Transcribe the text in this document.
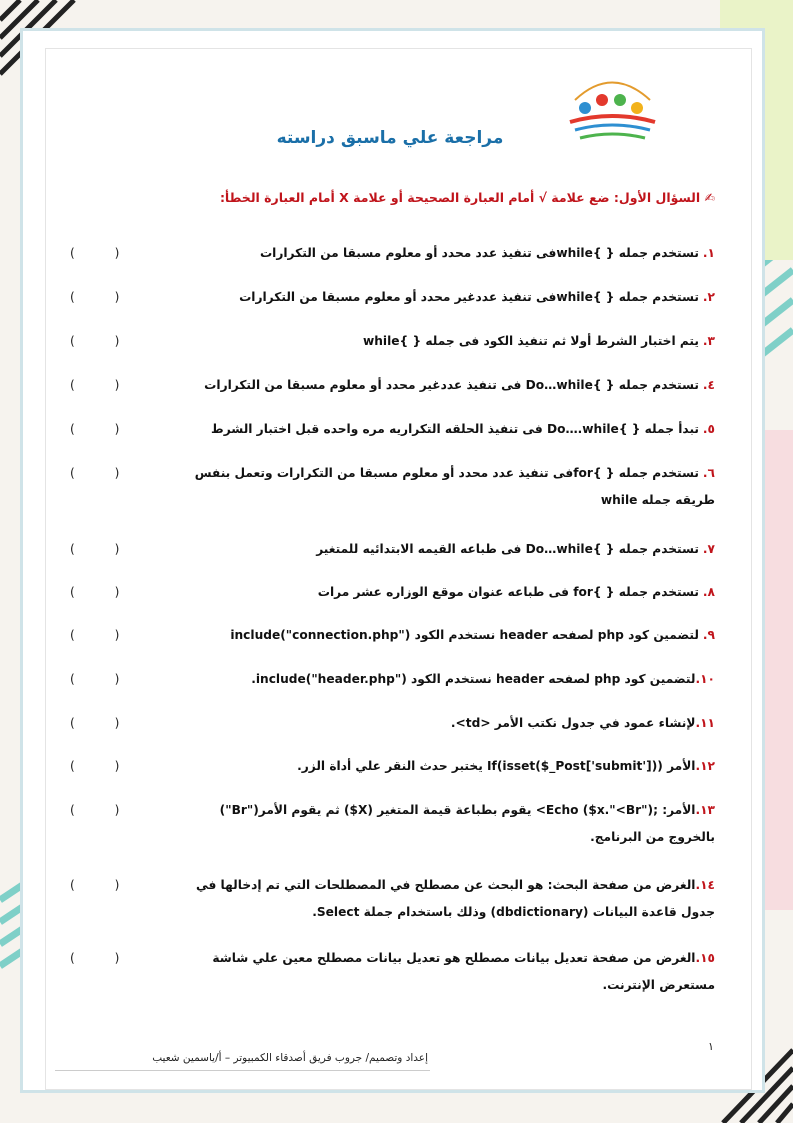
مراجعة علي ماسبق دراسته
✍ السؤال الأول: ضع علامة √ أمام العبارة الصحيحة أو علامة X أمام العبارة الخطأ:
١.تستخدم جمله { }whileفى تنفيذ عدد محدد أو معلوم مسبقا من التكرارات
( )
٢.تستخدم جمله { }whileفى تنفيذ عددغير محدد أو معلوم مسبقا من التكرارات
( )
٣.يتم اختبار الشرط أولا ثم تنفيذ الكود فى جمله { }while
( )
٤.تستخدم جمله { }Do…while فى تنفيذ عددغير محدد أو معلوم مسبقا من التكرارات
( )
٥.تبدأ جمله { }Do….while فى تنفيذ الحلقه التكراريه مره واحده قبل اختبار الشرط
( )
٦.تستخدم جمله { }forفى تنفيذ عدد محدد أو معلوم مسبقا من التكرارات وتعمل بنفس
طريقه جمله while
( )
٧.تستخدم جمله { }Do…while فى طباعه القيمه الابتدائيه للمتغير
( )
٨.تستخدم جمله { }for فى طباعه عنوان موقع الوزاره عشر مرات
( )
٩.لتضمين كود php لصفحه header نستخدم الكود ("include("connection.php
( )
١٠.لتضمين كود php لصفحه header نستخدم الكود ("include("header.php.
( )
١١.لإنشاء عمود في جدول نكتب الأمر <td>.
( )
١٢.الأمر ((If(isset($_Post['submit'] يختبر حدث النقر علي أداة الزر.
( )
١٣.الأمر: ;("Echo ($x."<Br> يقوم بطباعة قيمة المتغير (X$) ثم يقوم الأمر("Br")
بالخروج من البرنامج.
( )
١٤.الغرض من صفحة البحث: هو البحث عن مصطلح في المصطلحات التي تم إدخالها في
جدول قاعدة البيانات (dbdictionary) وذلك باستخدام جملة Select.
( )
١٥.الغرض من صفحة تعديل بيانات مصطلح هو تعديل بيانات مصطلح معين علي شاشة
مستعرض الإنترنت.
( )
إعداد وتصميم/ جروب فريق أصدقاء الكمبيوتر – أ/ياسمين شعيب
١
